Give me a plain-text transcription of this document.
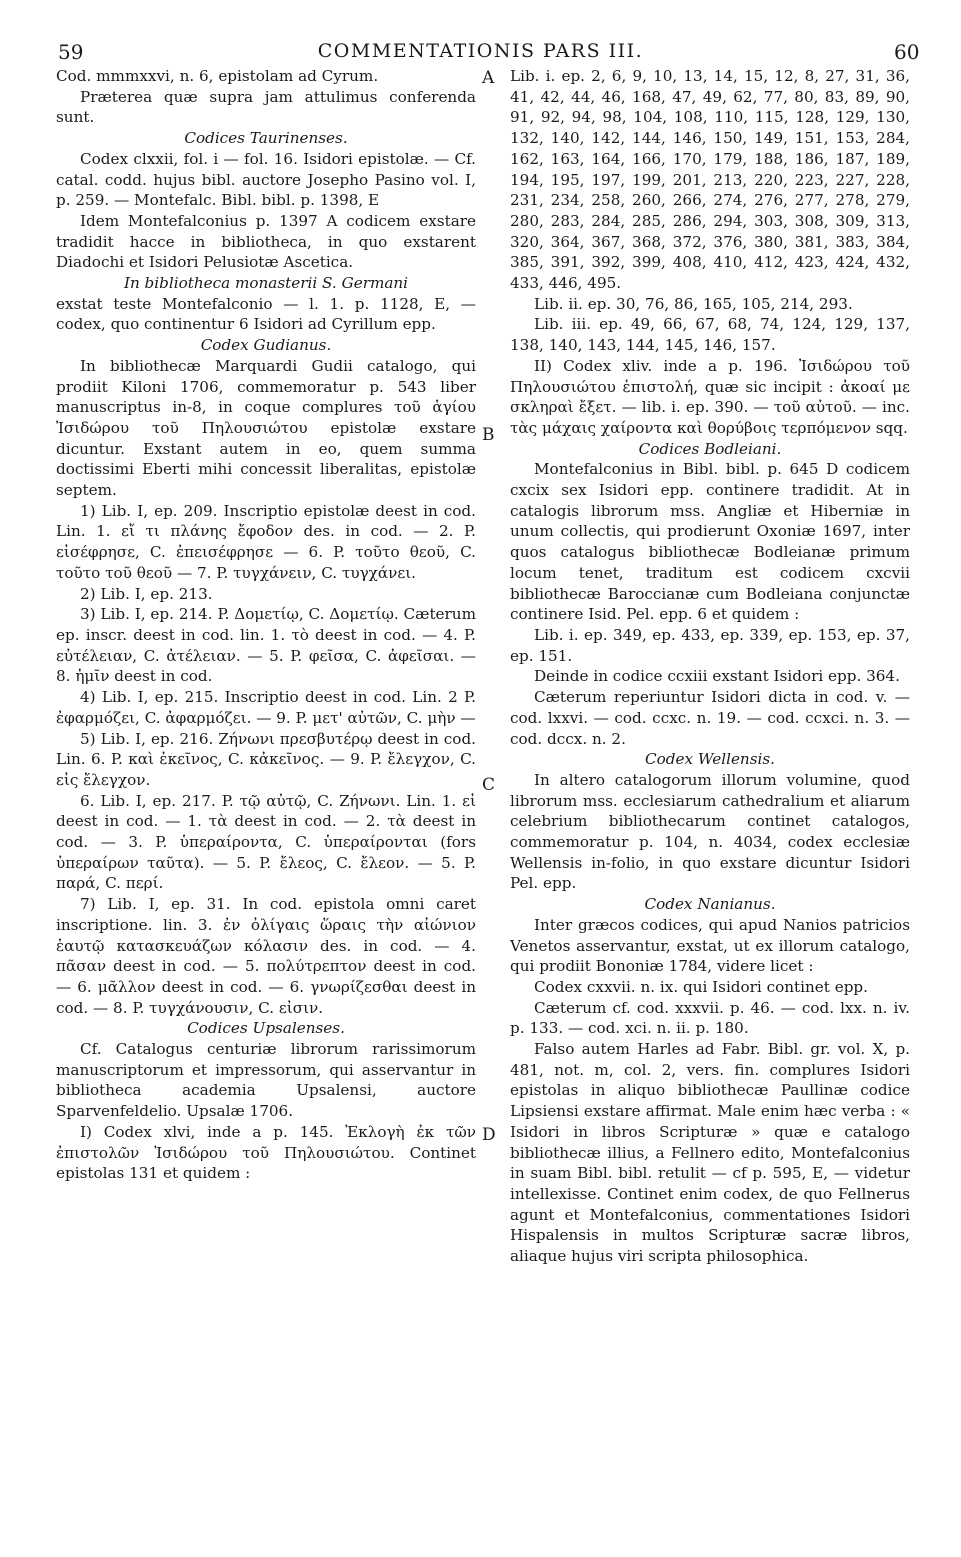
59	COMMENTATIONIS PARS III.	60
A
B
C
D

Cod. mmmxxvi, n. 6, epistolam ad Cyrum.

Præterea quæ supra jam attulimus conferenda sunt.

Codices Taurinenses.

Codex clxxii, fol. i — fol. 16. Isidori epistolæ. — Cf. catal. codd. hujus bibl. auctore Josepho Pasino vol. I, p. 259. — Montefalc. Bibl. bibl. p. 1398, E

Idem Montefalconius p. 1397 A codicem exstare tradidit hacce in bibliotheca, in quo exstarent Diadochi et Isidori Pelusiotæ Ascetica.

In bibliotheca monasterii S. Germani

exstat teste Montefalconio — l. 1. p. 1128, E, — codex, quo continentur 6 Isidori ad Cyrillum epp.

Codex Gudianus.

In bibliothecæ Marquardi Gudii catalogo, qui prodiit Kiloni 1706, commemoratur p. 543 liber manuscriptus in-8, in coque complures τοῦ ἁγίου Ἰσιδώρου τοῦ Πηλουσιώτου epistolæ exstare dicuntur. Exstant autem in eo, quem summa doctissimi Eberti mihi concessit liberalitas, epistolæ septem.

1) Lib. I, ep. 209. Inscriptio epistolæ deest in cod. Lin. 1. εἴ τι πλάνης ἔφοδον des. in cod. — 2. P. εἰσέφρησε, C. ἐπεισέφρησε — 6. P. τοῦτο θεοῦ, C. τοῦτο τοῦ θεοῦ — 7. P. τυγχάνειν, C. τυγχάνει.

2) Lib. I, ep. 213.

3) Lib. I, ep. 214. P. Δομετίῳ, C. Δομετίῳ. Cæterum ep. inscr. deest in cod. lin. 1. τὸ deest in cod. — 4. P. εὐτέλειαν, C. ἀτέλειαν. — 5. P. φεῖσα, C. ἀφεῖσαι. — 8. ἡμῖν deest in cod.

4) Lib. I, ep. 215. Inscriptio deest in cod. Lin. 2 P. ἐφαρμόζει, C. ἀφαρμόζει. — 9. P. μετ' αὐτῶν, C. μὴν —

5) Lib. I, ep. 216. Ζήνωνι πρεσβυτέρῳ deest in cod. Lin. 6. P. καὶ ἐκεῖνος, C. κἀκεῖνος. — 9. P. ἔλεγχον, C. εἰς ἔλεγχον.

6. Lib. I, ep. 217. P. τῷ αὐτῷ, C. Ζήνωνι. Lin. 1. εἰ deest in cod. — 1. τὰ deest in cod. — 2. τὰ deest in cod. — 3. P. ὑπεραίροντα, C. ὑπεραίρονται (fors ὑπεραίρων ταῦτα). — 5. P. ἔλεος, C. ἔλεον. — 5. P. παρά, C. περί.

7) Lib. I, ep. 31. In cod. epistola omni caret inscriptione. lin. 3. ἐν ὀλίγαις ὥραις τὴν αἰώνιον ἑαυτῷ κατασκευάζων κόλασιν des. in cod. — 4. πᾶσαν deest in cod. — 5. πολύτρεπτον deest in cod. — 6. μᾶλλον deest in cod. — 6. γνωρίζεσθαι deest in cod. — 8. P. τυγχάνουσιν, C. εἰσιν.

Codices Upsalenses.

Cf. Catalogus centuriæ librorum rarissimorum manuscriptorum et impressorum, qui asservantur in bibliotheca academia Upsalensi, auctore Sparvenfeldelio. Upsalæ 1706.

I) Codex xlvi, inde a p. 145. Ἐκλογὴ ἐκ τῶν ἐπιστολῶν Ἰσιδώρου τοῦ Πηλουσιώτου. Continet epistolas 131 et quidem :

Lib. i. ep. 2, 6, 9, 10, 13, 14, 15, 12, 8, 27, 31, 36, 41, 42, 44, 46, 168, 47, 49, 62, 77, 80, 83, 89, 90, 91, 92, 94, 98, 104, 108, 110, 115, 128, 129, 130, 132, 140, 142, 144, 146, 150, 149, 151, 153, 284, 162, 163, 164, 166, 170, 179, 188, 186, 187, 189, 194, 195, 197, 199, 201, 213, 220, 223, 227, 228, 231, 234, 258, 260, 266, 274, 276, 277, 278, 279, 280, 283, 284, 285, 286, 294, 303, 308, 309, 313, 320, 364, 367, 368, 372, 376, 380, 381, 383, 384, 385, 391, 392, 399, 408, 410, 412, 423, 424, 432, 433, 446, 495.

Lib. ii. ep. 30, 76, 86, 165, 105, 214, 293.

Lib. iii. ep. 49, 66, 67, 68, 74, 124, 129, 137, 138, 140, 143, 144, 145, 146, 157.

II) Codex xliv. inde a p. 196. Ἰσιδώρου τοῦ Πηλουσιώτου ἐπιστολή, quæ sic incipit : ἀκοαί με σκληραὶ ἔξετ. — lib. i. ep. 390. — τοῦ αὐτοῦ. — inc. τὰς μάχαις χαίροντα καὶ θορύβοις τερπόμενον sqq.

Codices Bodleiani.

Montefalconius in Bibl. bibl. p. 645 D codicem cxcix sex Isidori epp. continere tradidit. At in catalogis librorum mss. Angliæ et Hiberniæ in unum collectis, qui prodierunt Oxoniæ 1697, inter quos catalogus bibliothecæ Bodleianæ primum locum tenet, traditum est codicem cxcvii bibliothecæ Baroccianæ cum Bodleiana conjunctæ continere Isid. Pel. epp. 6 et quidem :

Lib. i. ep. 349, ep. 433, ep. 339, ep. 153, ep. 37, ep. 151.

Deinde in codice ccxiii exstant Isidori epp. 364.

Cæterum reperiuntur Isidori dicta in cod. v. — cod. lxxvi. — cod. ccxc. n. 19. — cod. ccxci. n. 3. — cod. dccx. n. 2.

Codex Wellensis.

In altero catalogorum illorum volumine, quod librorum mss. ecclesiarum cathedralium et aliarum celebrium bibliothecarum continet catalogos, commemoratur p. 104, n. 4034, codex ecclesiæ Wellensis in-folio, in quo exstare dicuntur Isidori Pel. epp.

Codex Nanianus.

Inter græcos codices, qui apud Nanios patricios Venetos asservantur, exstat, ut ex illorum catalogo, qui prodiit Bononiæ 1784, videre licet :

Codex cxxvii. n. ix. qui Isidori continet epp.

Cæterum cf. cod. xxxvii. p. 46. — cod. lxx. n. iv. p. 133. — cod. xci. n. ii. p. 180.

Falso autem Harles ad Fabr. Bibl. gr. vol. X, p. 481, not. m, col. 2, vers. fin. complures Isidori epistolas in aliquo bibliothecæ Paullinæ codice Lipsiensi exstare affirmat. Male enim hæc verba : « Isidori in libros Scripturæ » quæ e catalogo bibliothecæ illius, a Fellnero edito, Montefalconius in suam Bibl. bibl. retulit — cf p. 595, E, — videtur intellexisse. Continet enim codex, de quo Fellnerus agunt et Montefalconius, commentationes Isidori Hispalensis in multos Scripturæ sacræ libros, aliaque hujus viri scripta philosophica.
